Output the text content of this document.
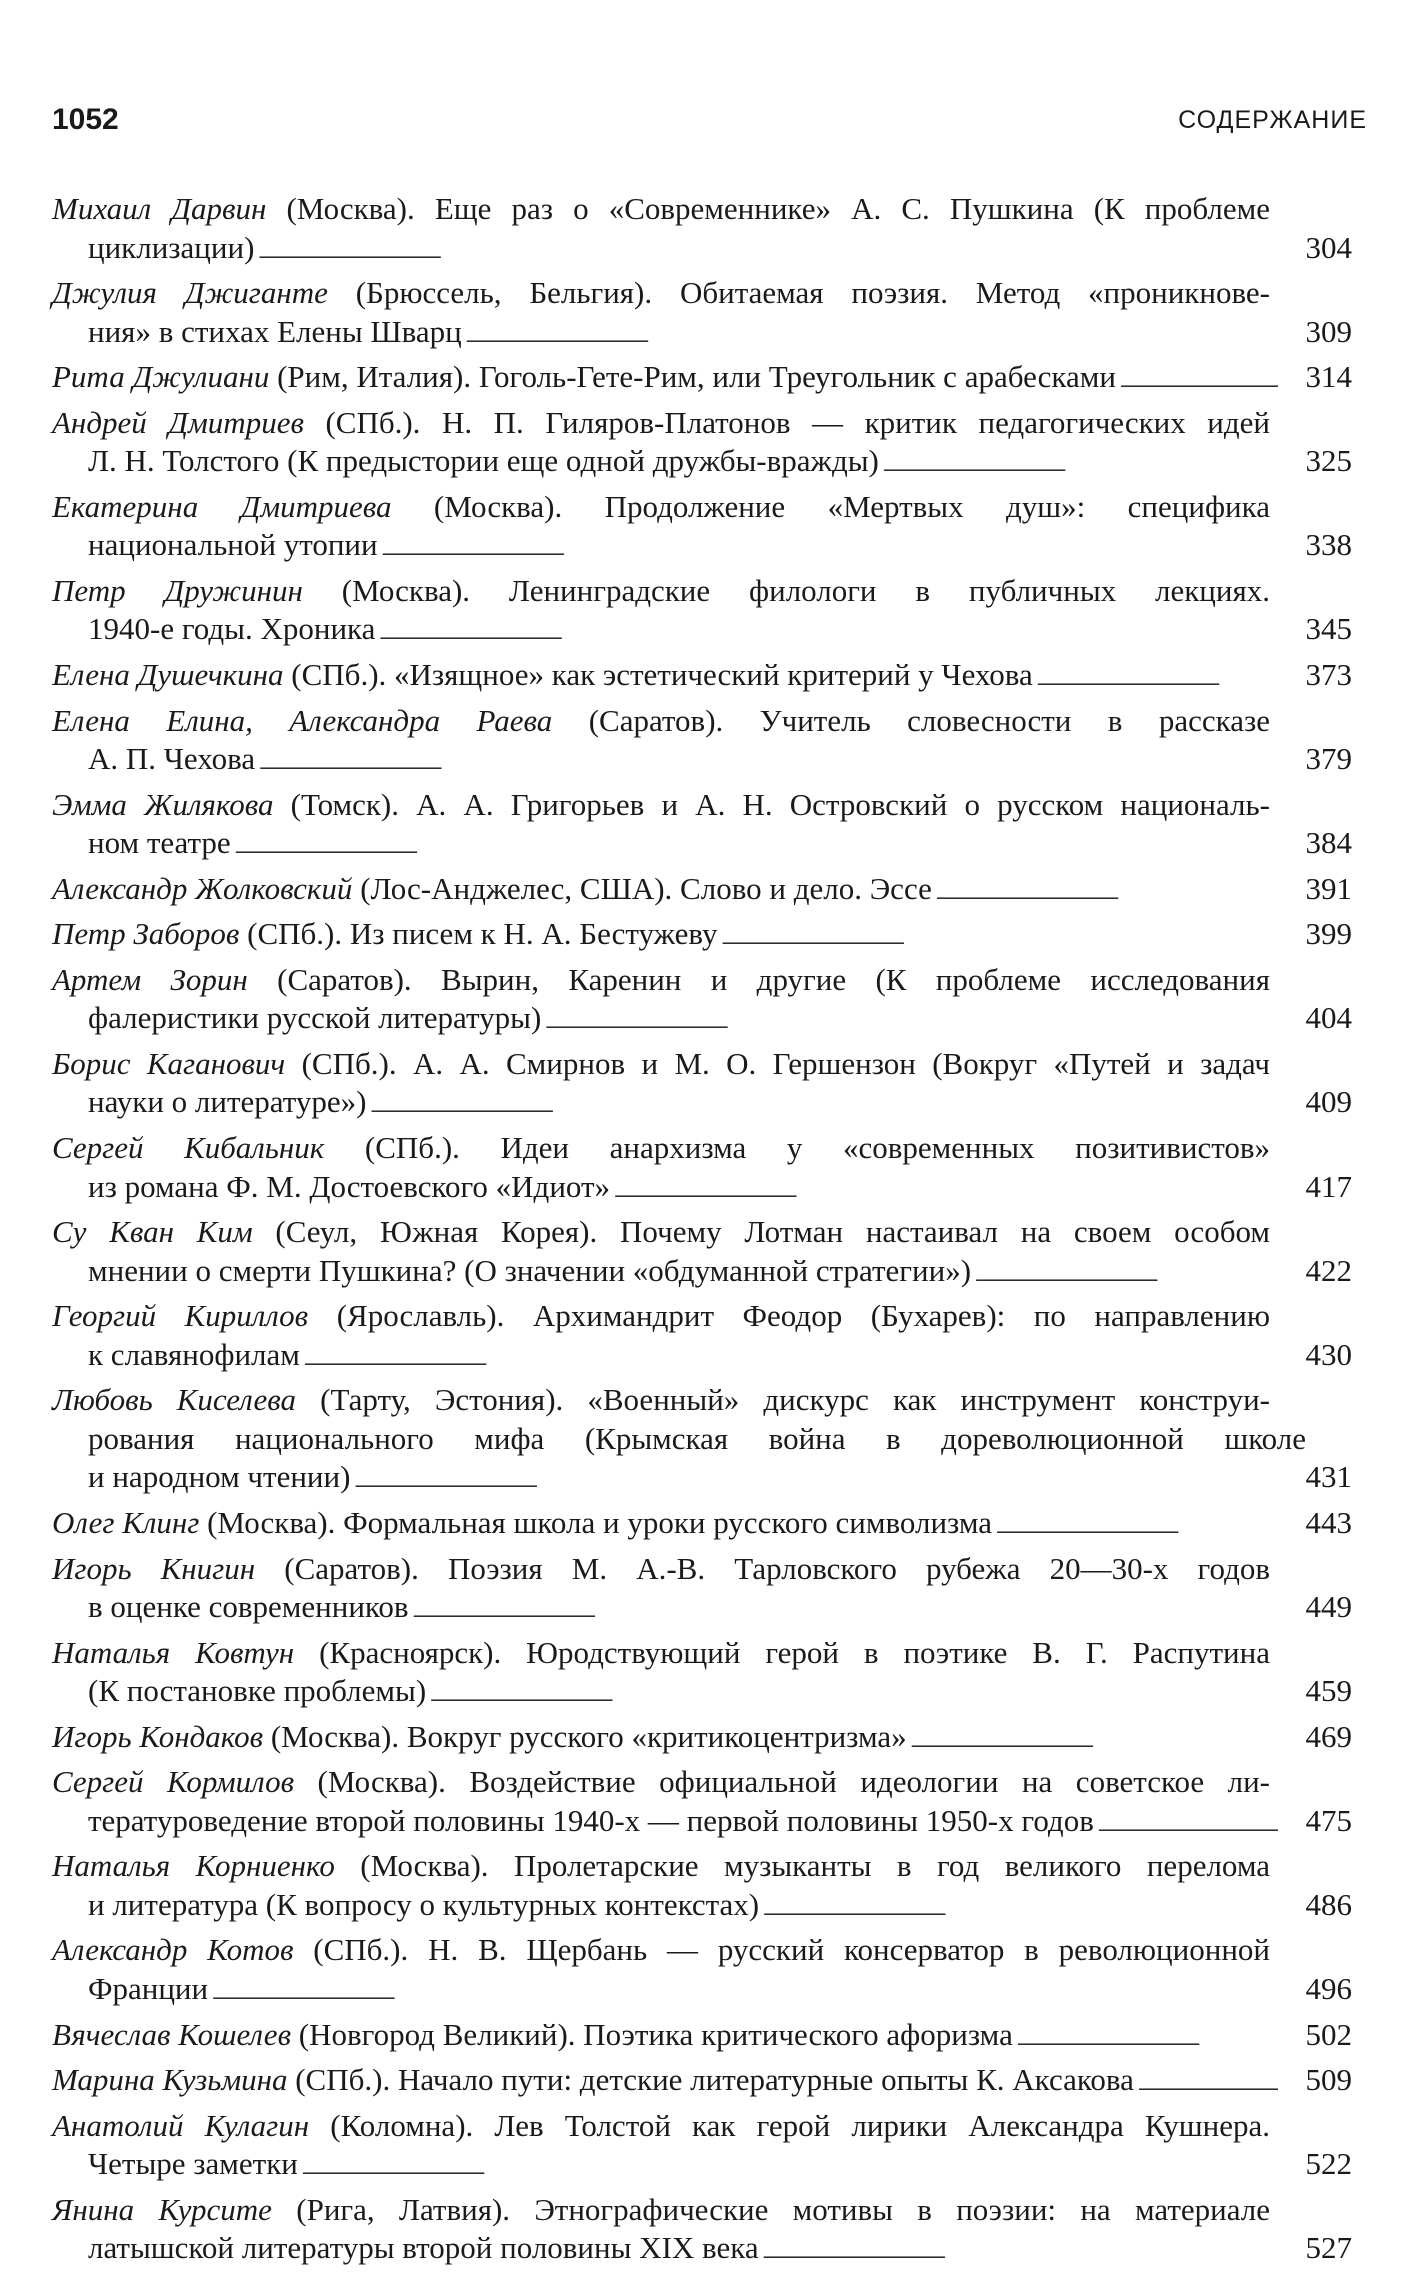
1052	СОДЕРЖАНИЕ
Михаил Дарвин (Москва). Еще раз о «Современнике» А. С. Пушкина (К проблеме
циклизации) . . .	304
Джулия Джиганте (Брюссель, Бельгия). Обитаемая поэзия. Метод «проникнове-
ния» в стихах Елены Шварц . . .	309
Рита Джулиани (Рим, Италия). Гоголь-Гете-Рим, или Треугольник с арабесками . . .	314
Андрей Дмитриев (СПб.). Н. П. Гиляров-Платонов — критик педагогических идей
Л. Н. Толстого (К предыстории еще одной дружбы-вражды) . . .	325
Екатерина Дмитриева (Москва). Продолжение «Мертвых душ»: специфика
национальной утопии . . .	338
Петр Дружинин (Москва). Ленинградские филологи в публичных лекциях.
1940-е годы. Хроника . . .	345
Елена Душечкина (СПб.). «Изящное» как эстетический критерий у Чехова . . .	373
Елена Елина, Александра Раева (Саратов). Учитель словесности в рассказе
А. П. Чехова . . .	379
Эмма Жилякова (Томск). А. А. Григорьев и А. Н. Островский о русском националь-
ном театре . . .	384
Александр Жолковский (Лос-Анджелес, США). Слово и дело. Эссе . . .	391
Петр Заборов (СПб.). Из писем к Н. А. Бестужеву . . .	399
Артем Зорин (Саратов). Вырин, Каренин и другие (К проблеме исследования
фалеристики русской литературы) . . .	404
Борис Каганович (СПб.). А. А. Смирнов и М. О. Гершензон (Вокруг «Путей и задач
науки о литературе») . . .	409
Сергей Кибальник (СПб.). Идеи анархизма у «современных позитивистов»
из романа Ф. М. Достоевского «Идиот» . . .	417
Су Кван Ким (Сеул, Южная Корея). Почему Лотман настаивал на своем особом
мнении о смерти Пушкина? (О значении «обдуманной стратегии») . . .	422
Георгий Кириллов (Ярославль). Архимандрит Феодор (Бухарев): по направлению
к славянофилам . . .	430
Любовь Киселева (Тарту, Эстония). «Военный» дискурс как инструмент конструи-
рования национального мифа (Крымская война в дореволюционной школе
и народном чтении) . . .	431
Олег Клинг (Москва). Формальная школа и уроки русского символизма . . .	443
Игорь Книгин (Саратов). Поэзия М. А.-В. Тарловского рубежа 20—30-х годов
в оценке современников . . .	449
Наталья Ковтун (Красноярск). Юродствующий герой в поэтике В. Г. Распутина
(К постановке проблемы) . . .	459
Игорь Кондаков (Москва). Вокруг русского «критикоцентризма» . . .	469
Сергей Кормилов (Москва). Воздействие официальной идеологии на советское ли-
тературоведение второй половины 1940-х — первой половины 1950-х годов . . .	475
Наталья Корниенко (Москва). Пролетарские музыканты в год великого перелома
и литература (К вопросу о культурных контекстах) . . .	486
Александр Котов (СПб.). Н. В. Щербань — русский консерватор в революционной
Франции . . .	496
Вячеслав Кошелев (Новгород Великий). Поэтика критического афоризма . . .	502
Марина Кузьмина (СПб.). Начало пути: детские литературные опыты К. Аксакова . . .	509
Анатолий Кулагин (Коломна). Лев Толстой как герой лирики Александра Кушнера.
Четыре заметки . . .	522
Янина Курсите (Рига, Латвия). Этнографические мотивы в поэзии: на материале
латышской литературы второй половины XIX века . . .	527
